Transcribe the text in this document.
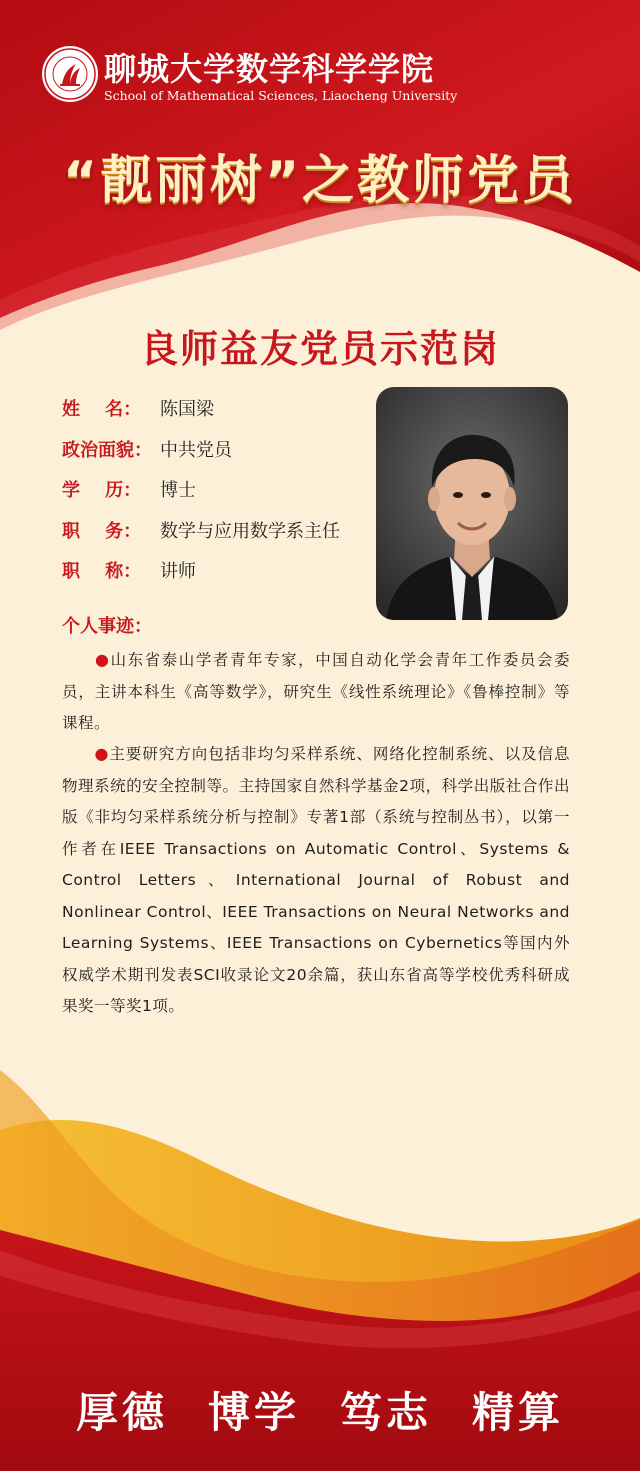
聊城大学数学科学学院
School of Mathematical Sciences, Liaocheng University
“靓丽树”之教师党员
良师益友党员示范岗
姓    名： 陈国梁
政治面貌： 中共党员
学    历： 博士
职    务： 数学与应用数学系主任
职    称： 讲师
个人事迹：
●山东省泰山学者青年专家，中国自动化学会青年工作委员会委员，主讲本科生《高等数学》，研究生《线性系统理论》《鲁棒控制》等课程。
●主要研究方向包括非均匀采样系统、网络化控制系统、以及信息物理系统的安全控制等。主持国家自然科学基金2项，科学出版社合作出版《非均匀采样系统分析与控制》专著1部（系统与控制丛书），以第一作者在IEEE Transactions on Automatic Control、Systems & Control Letters、International Journal of Robust and Nonlinear Control、IEEE Transactions on Neural Networks and Learning Systems、IEEE Transactions on Cybernetics等国内外权威学术期刊发表SCI收录论文20余篇，获山东省高等学校优秀科研成果奖一等奖1项。
厚德 博学 笃志 精算
